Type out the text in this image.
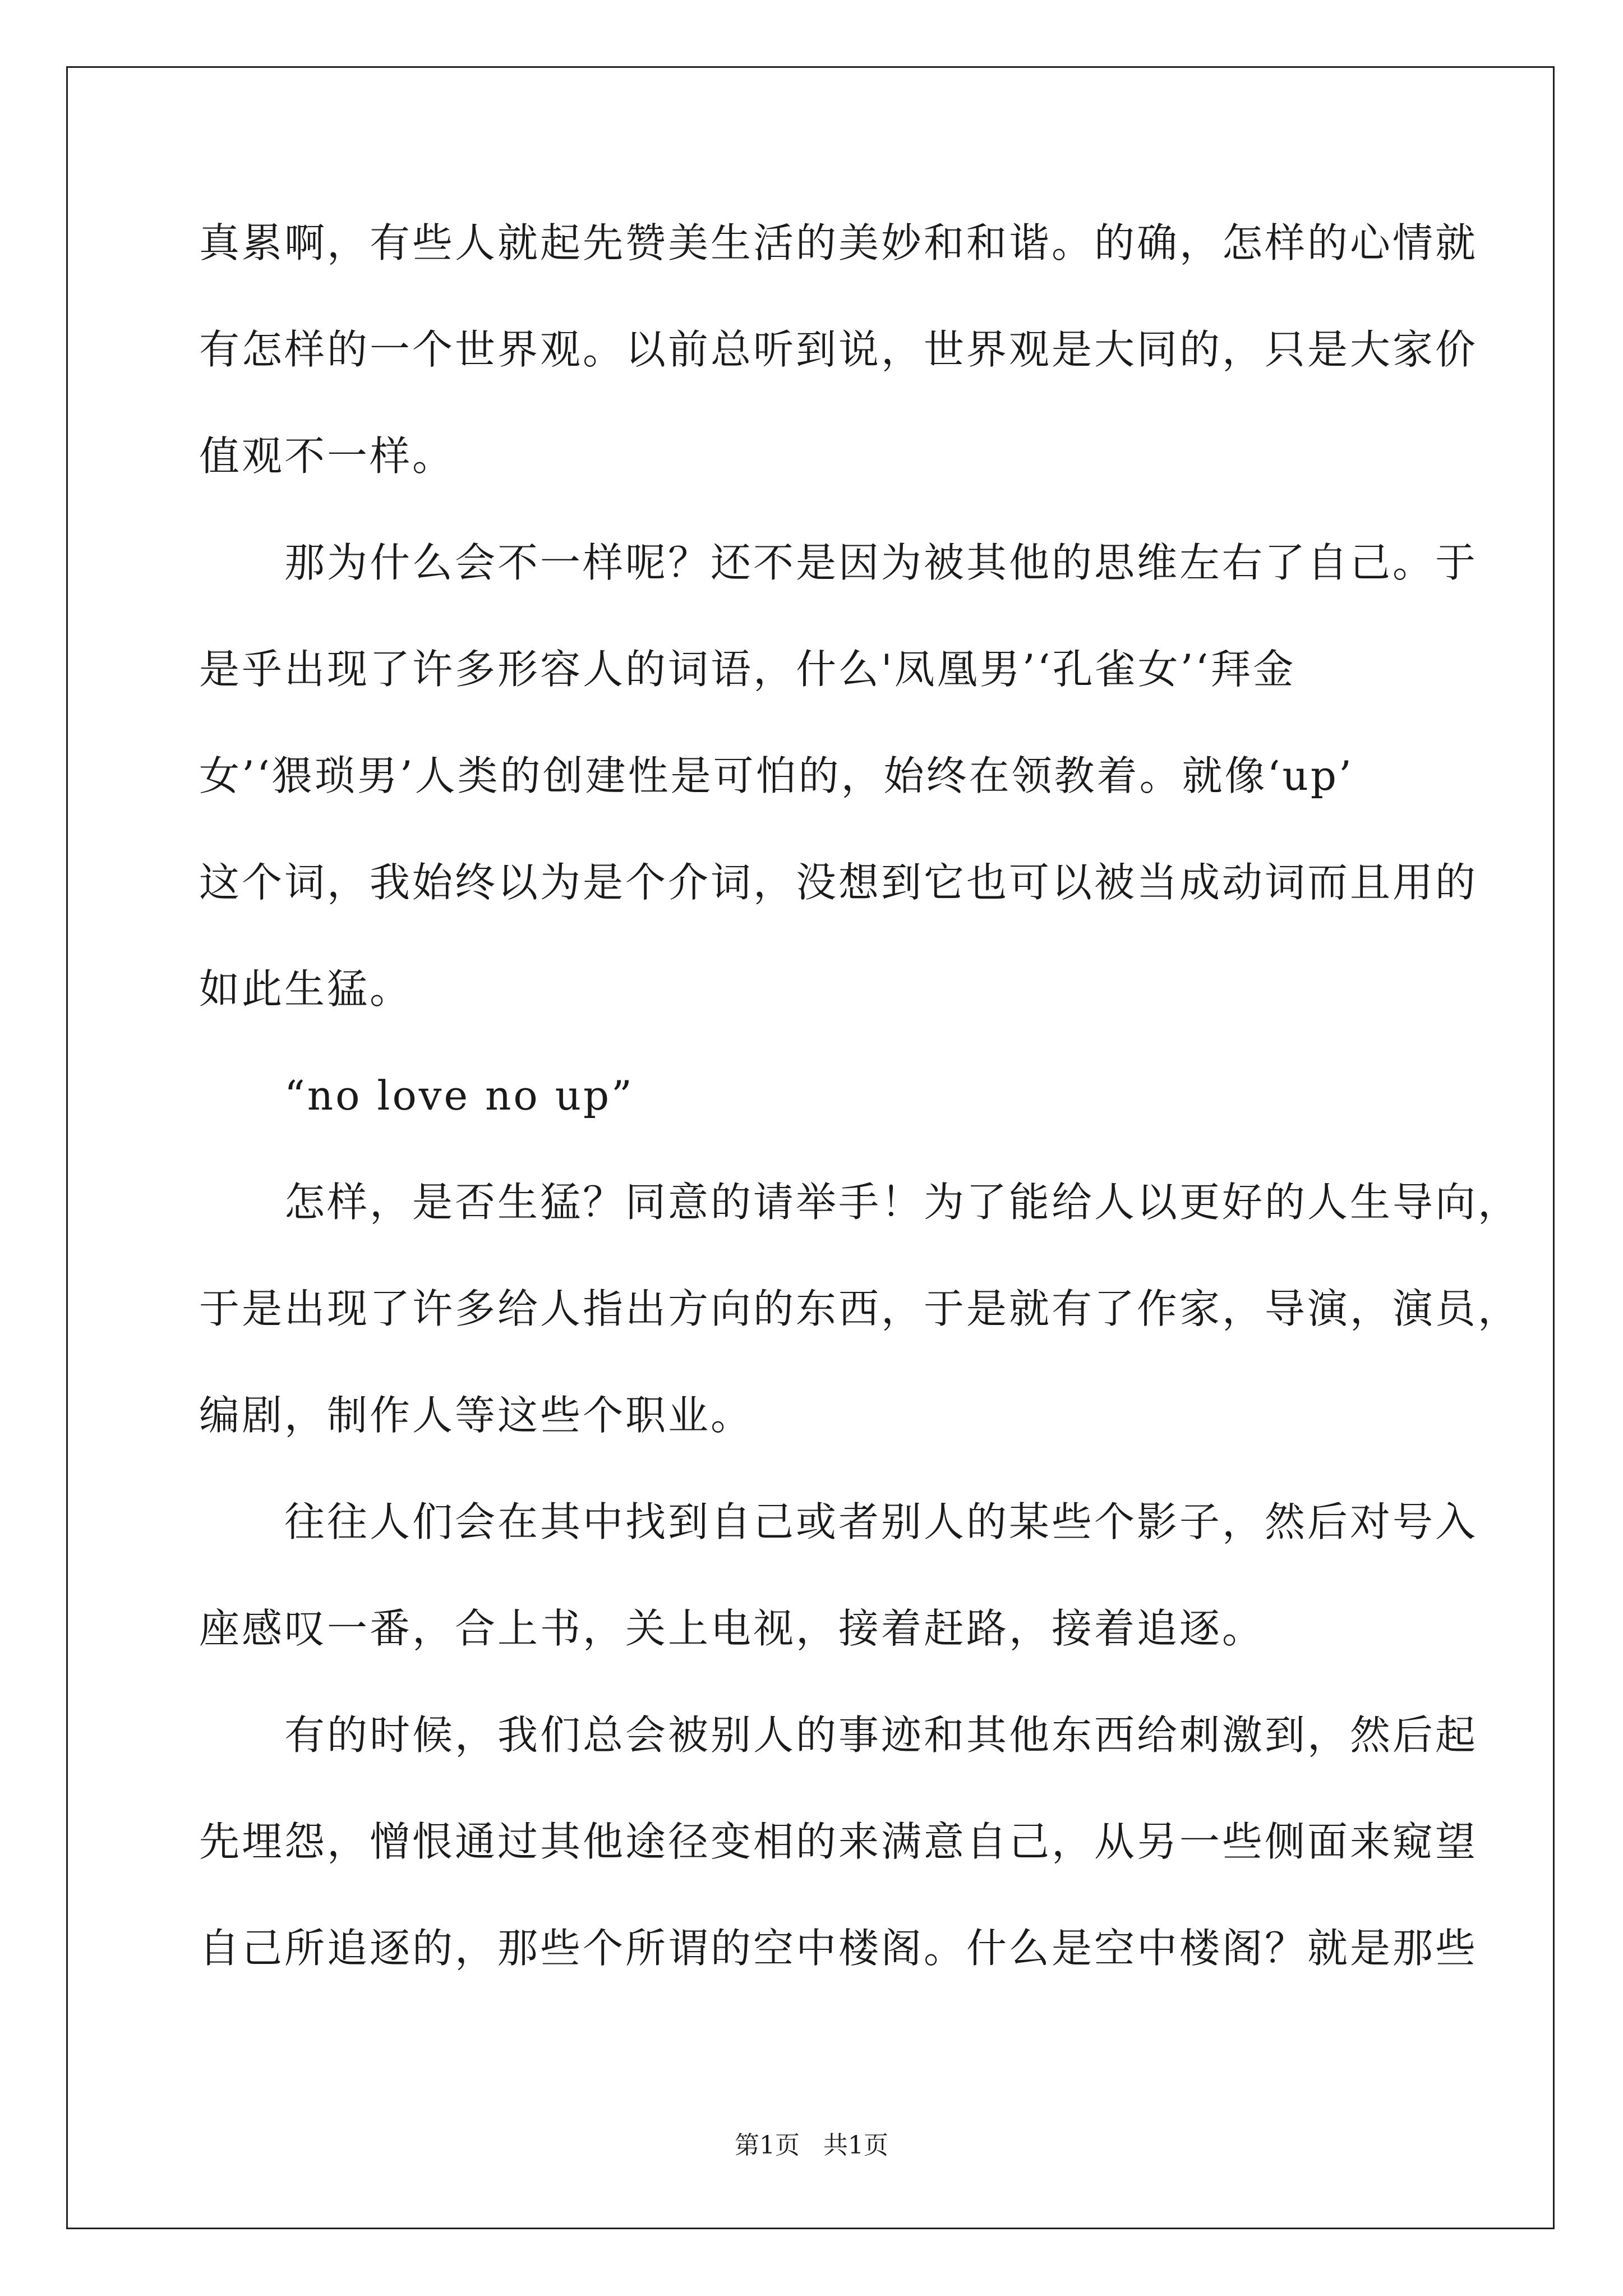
真累啊，有些人就起先赞美生活的美妙和和谐。的确，怎样的心情就
有怎样的一个世界观。以前总听到说，世界观是大同的，只是大家价
值观不一样。
　　那为什么会不一样呢？还不是因为被其他的思维左右了自己。于
是乎出现了许多形容人的词语，什么'凤凰男’‘孔雀女’‘拜金
女’‘猥琐男’人类的创建性是可怕的，始终在领教着。就像‘up’
这个词，我始终以为是个介词，没想到它也可以被当成动词而且用的
如此生猛。
　　“no love no up”
　　怎样，是否生猛？同意的请举手！为了能给人以更好的人生导向，
于是出现了许多给人指出方向的东西，于是就有了作家，导演，演员，
编剧，制作人等这些个职业。
　　往往人们会在其中找到自己或者别人的某些个影子，然后对号入
座感叹一番，合上书，关上电视，接着赶路，接着追逐。
　　有的时候，我们总会被别人的事迹和其他东西给刺激到，然后起
先埋怨，憎恨通过其他途径变相的来满意自己，从另一些侧面来窥望
自己所追逐的，那些个所谓的空中楼阁。什么是空中楼阁？就是那些
第1页   共1页
